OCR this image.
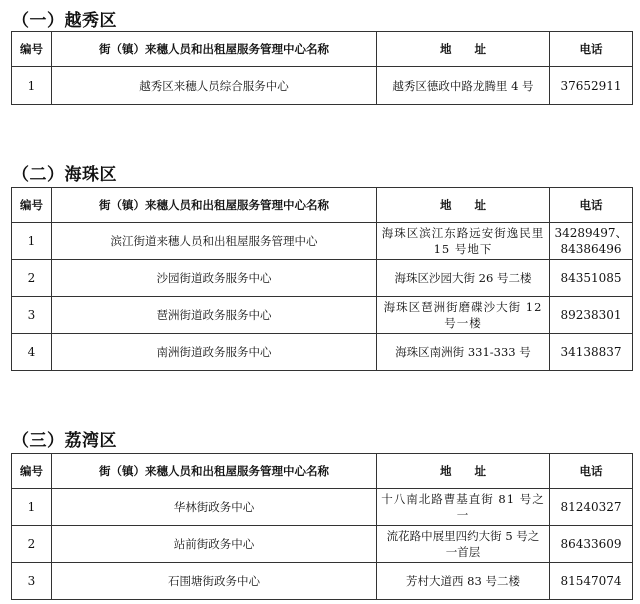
（一）越秀区
编号	街（镇）来穗人员和出租屋服务管理中心名称	地　　址	电话
1	越秀区来穗人员综合服务中心	越秀区德政中路龙腾里 4 号	37652911
（二）海珠区
编号	街（镇）来穗人员和出租屋服务管理中心名称	地　　址	电话
1	滨江街道来穗人员和出租屋服务管理中心	海珠区滨江东路远安街逸民里 15 号地下	34289497、84386496
2	沙园街道政务服务中心	海珠区沙园大街 26 号二楼	84351085
3	琶洲街道政务服务中心	海珠区琶洲街磨碟沙大街 12 号一楼	89238301
4	南洲街道政务服务中心	海珠区南洲街 331-333 号	34138837
（三）荔湾区
编号	街（镇）来穗人员和出租屋服务管理中心名称	地　　址	电话
1	华林街政务中心	十八南北路曹基直街 81 号之一	81240327
2	站前街政务中心	流花路中展里四约大街 5 号之一首层	86433609
3	石围塘街政务中心	芳村大道西 83 号二楼	81547074
